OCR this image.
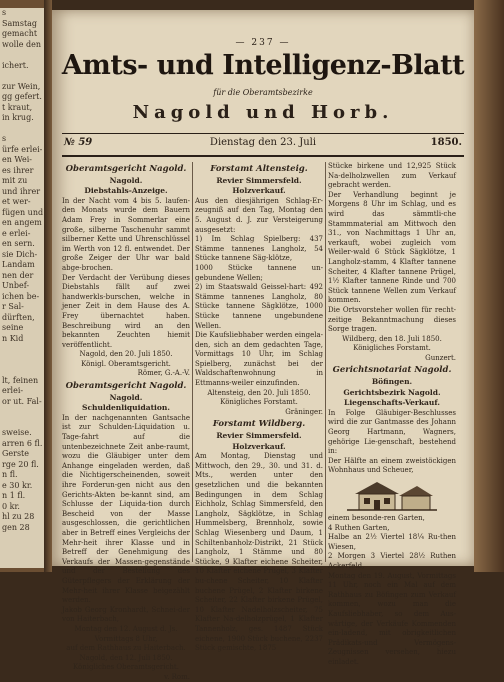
s
Samstag
gemacht
wolle den

ichert.

zur Wein,
gg gefert.
t kraut,
in krug.

s
ürfe erlei-
en Wei-
es ihrer
mit zu
und ihrer
et wer-
fügen und
en angem
e erlei-
en sern.
sie Dich-
Landam
nen der
Unbef-
ichen be-
r Sal-
dürften,
seine
n Kid

lt, feinen
erlei-
or ut. Fal-

sweise.
arren 6 fl.
Gerste
rge 20 fl.
n fl.
e 30 kr.
n 1 fl.
0 kr.
hl zu 28
gen 28

— 237 —
Amts- und Intelligenz-Blatt
für die Oberamtsbezirke
Nagold und Horb.
№ 59	Dienstag den 23. Juli	1850.
Oberamtsgericht Nagold.
Nagold.
Diebstahls-Anzeige.

In der Nacht vom 4 bis 5. laufen-den Monats wurde dem Bauern Adam Frey in Sommerlar eine große, silberne Taschenuhr sammt silberner Kette und Uhrenschlüssel im Werth von 12 fl. entwendet. Der große Zeiger der Uhr war bald abge-brochen.

Der Verdacht der Verübung dieses Diebstahls fällt auf zwei handwerkls-burschen, welche in jener Zeit in dem Hause des A. Frey übernachtet haben. Beschreibung wird an den bekannten Zeuchten hiemit veröffentlicht.

Nagold, den 20. Juli 1850.

Königl. Oberamtsgericht.

Römer, G.-A.-V.

Oberamtsgericht Nagold.
Nagold.
Schuldenliquidation.

In der nachgenannten Gantsache ist zur Schulden-Liquidation u. Tage-fahrt auf die untenbezeichnete Zeit anbe-raumt, wozu die Gläubiger unter dem Anhange eingeladen werden, daß die Nichtigerscheinenden, soweit ihre Forderun-gen nicht aus den Gerichts-Akten be-kannt sind, am Schlusse der Liquida-tion durch Bescheid von der Masse ausgeschlossen, die gerichtlichen aber in Betreff eines Vergleichs der Mehr-heit ihrer Klasse und in Betreff der Genehmigung des Verkaufs der Massen-gegenstände und der Bestellung des Güterpflegers der Erklärung der Mehr-heit ihrer Klasse beigezählt werden.

Jakob Georg Kronhardt, Schnei-der von Haiterbach,

Montag den 12. August d. Js.

Vormittags 8 Uhr,

auf dem Rathhaus zu Haiterbach.

Nagold, den 12. Juli 1850.

Königliches Oberamtsgericht.

v. Rom.

Forstamt Altensteig.
Revier Simmersfeld.
Holzverkauf.

Aus den diesjährigen Schlag-Er-zeugniß auf den Tag, Montag den 5. August d. J. zur Versteigerung ausgesetzt:

1) Im Schlag Spielberg: 437 Stämme tannenes Langholz, 54 Stücke tannene Säg-klötze,

1000 Stücke tannene un-gebundene Wellen;

2) im Staatswald Geissel-hart: 492 Stämme tannenes Langholz, 80 Stücke tannene Sägklötze, 1000 Stücke tannene ungebundene Wellen.

Die Kaufsliebhaber werden eingela-den, sich an dem gedachten Tage, Vormittags 10 Uhr, im Schlag Spielberg, zunächst bei der Waldschaftenwohnung in Ettmanns-weiler einzufinden.

Altensteig, den 20. Juli 1850.

Königliches Forstamt.

Gräninger.

Forstamt Wildberg.
Revier Simmersfeld.
Holzverkauf.

Am Montag, Dienstag und Mittwoch, den 29., 30. und 31. d. Mts., werden unter den gesetzlichen und die bekannten Bedingungen in dem Schlag Eichholz, Schlag Simmersfeld, den Langholz, Sägklötze, in Schlag Hummelsberg, Brennholz, sowie Schlag Wiesenberg und Daum, 1 Schiltenbanholz-Distrikt, 21 Stück Langholz, 1 Stämme und 80 Stücke, 9 Klafter eichene Scheiter, 10 Klafter eichene Prügel, 3 Klafter bu-chene Scheiter, 10 Klafter buchene Prügel, 2 Klafter birkene Scheiter, 22 Klafter birkene Prügel, 10 Klafter Nadelholzscheiter, 75 Klafter Na-delholzprügel, 1 Klafter Tannenholz, ges. 1487 Stück eichene, 1900 Stück buchene, 2237 Stück gemischte, 1875

Stücke birkene und 12,925 Stück Na-delholzwellen zum Verkauf gebracht werden.

Der Verhandlung beginnt je Morgens 8 Uhr im Schlag, und es wird das sämmtli-che Stammmaterial am Mittwoch den 31., von Nachmittags 1 Uhr an, verkauft, wobei zugleich vom Weiler-wald 6 Stück Sägklötze, 1 Langholz-stamm, 4 Klafter tannene Scheiter, 4 Klafter tannene Prügel, 1½ Klafter tannene Rinde und 700 Stück tannene Wellen zum Verkauf kommen.

Die Ortsvorsteher wollen für recht-zeitige Bekanntmachung dieses Sorge tragen.

Wildberg, den 18. Juli 1850.

Königliches Forstamt.

Gunzert.

Gerichtsnotariat Nagold.
Böfingen.
Gerichtsbezirk Nagold.
Liegenschafts-Verkauf.

In Folge Gläubiger-Beschlusses wird die zur Gantmasse des Johann Georg Hartmann, Wagners, gehörige Lie-genschaft, bestehend in:

Der Hälfte an einem zweistöckigen Wohnhaus und Scheuer,

einem besonde-ren Garten,

4 Ruthen Garten,

Halbe an 2½ Viertel 18¼ Ru-then Wiesen,

2 Morgen 3 Viertel 28½ Ruthen Ackerfeld,

Montag den 19. August, Vormittags 11 Uhr, noch ein Mal auf dem Rathhaus zu Böfingen zum Verkauf kommen, wozu man die Kaufsliebhaber, so dem Aus-wärtige, der Verkäufe Kommenden ein-ladend, mit obrigkeitlichen Prädikats-und Vermögens-Zeugnissen versehen, hiezu einladet.
